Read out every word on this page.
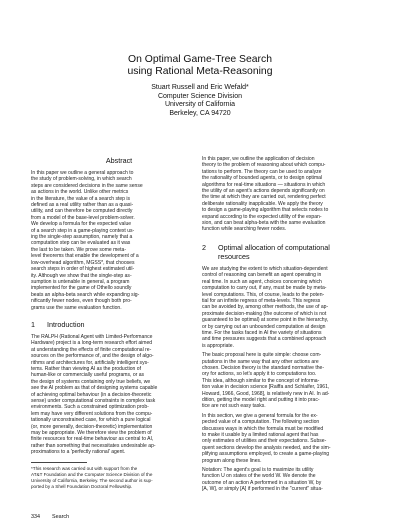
On Optimal Game-Tree Search
using Rational Meta-Reasoning
Stuart Russell and Eric Wefald*
Computer Science Division
University of California
Berkeley, CA 94720
Abstract
In this paper we outline a general approach to
the study of problem-solving, in which search
steps are considered decisions in the same sense
as actions in the world. Unlike other metrics
in the literature, the value of a search step is
defined as a real utility rather than as a quasi-
utility, and can therefore be computed directly
from a model of the base-level problem-solver.
We develop a formula for the expected value
of a search step in a game-playing context us-
ing the single-step assumption, namely that a
computation step can be evaluated as it was
the last to be taken. We prove some meta-
level theorems that enable the development of a
low-overhead algorithm, MGSS*, that chooses
search steps in order of highest estimated util-
ity. Although we show that the single-step as-
sumption is untenable in general, a program
implemented for the game of Othello soundly
beats an alpha-beta search while expanding sig-
nificantly fewer nodes, even though both pro-
grams use the same evaluation function.
1 Introduction
The RALPH (Rational Agent with Limited-Performance
Hardware) project is a long-term research effort aimed
at understanding the effects of finite computational re-
sources on the performance of, and the design of algo-
rithms and architectures for, artificially intelligent sys-
tems. Rather than viewing AI as the production of
human-like or commercially useful programs, or as
the design of systems containing only true beliefs, we
see the AI problem as that of designing systems capable
of achieving optimal behaviour (in a decision-theoretic
sense) under computational constraints in complex task
environments. Such a constrained optimization prob-
lem may have very different solutions from the compu-
tationally unconstrained case, for which a pure logical
(or, more generally, decision-theoretic) implementation
may be appropriate. We therefore view the problem of
finite resources for real-time behaviour as central to AI,
rather than something that necessitates undesirable ap-
proximations to a 'perfectly rational' agent.
*This research was carried out with support from the
AT&T Foundation and the Computer Science Division of the
University of California, Berkeley. The second author is sup-
ported by a Shell Foundation Doctoral Fellowship.
In this paper, we outline the application of decision
theory to the problem of reasoning about which compu-
tations to perform. The theory can be used to analyze
the rationality of bounded agents, or to design optimal
algorithms for real-time situations — situations in which
the utility of an agent's actions depends significantly on
the time at which they are carried out, rendering perfect
deliberate rationality inapplicable. We apply the theory
to design a game-playing algorithm that selects nodes to
expand according to the expected utility of the expan-
sion, and can beat alpha-beta with the same evaluation
function while searching fewer nodes.
2 Optimal allocation of computational
resources
We are studying the extent to which situation-dependent
control of reasoning can benefit an agent operating in
real time. In such an agent, choices concerning which
computation to carry out, if any, must be made by meta-
level computations. This, of course, leads to the poten-
tial for an infinite regress of meta-levels. This regress
can be avoided by, among other methods, the use of ap-
proximate decision-making (the outcome of which is not
guaranteed to be optimal) at some point in the hierarchy,
or by carrying out an unbounded computation at design
time. For the tasks faced in AI the variety of situations
and time pressures suggests that a combined approach
is appropriate.
The basic proposal here is quite simple: choose com-
putations in the same way that any other actions are
chosen. Decision theory is the standard normative the-
ory for actions, so let's apply it to computations too.
This idea, although similar to the concept of informa-
tion value in decision science [Raiffa and Schlaifer, 1961,
Howard, 1966, Good, 1968], is relatively new in AI. In ad-
dition, getting the model right and putting it into prac-
tice are not such easy tasks.
In this section, we give a general formula for the ex-
pected value of a computation. The following section
discusses ways in which the formula must be modified
to make it usable by a limited rational agent that has
only estimates of utilities and their expectations. Subse-
quent sections develop the analysis needed, and the sim-
plifying assumptions employed, to create a game-playing
program along these lines.
Notation: The agent's goal is to maximize its utility
function U on states of the world W. We denote the
outcome of an action A performed in a situation W, by
[A, W], or simply [A] if performed in the "current" situa-
334 Search
